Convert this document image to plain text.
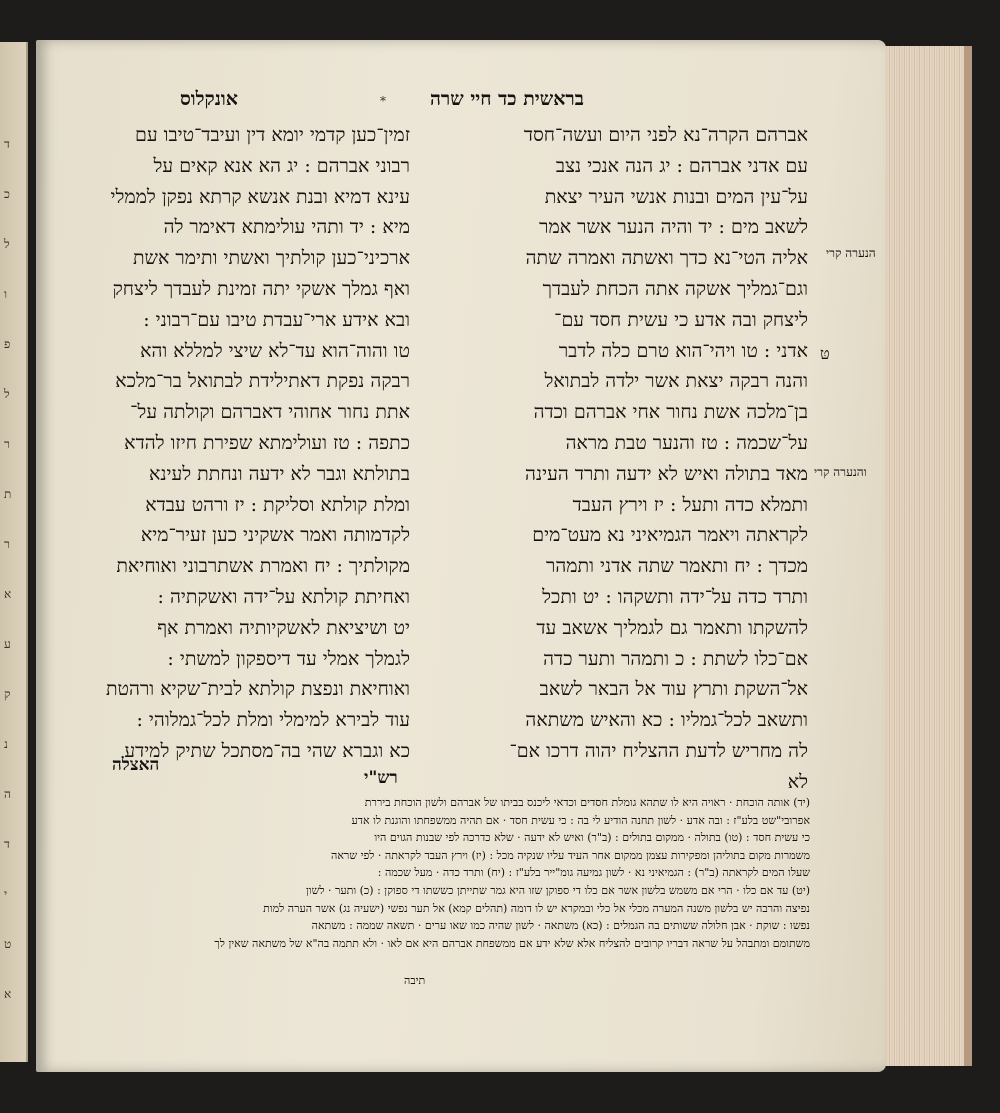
ד
כ
ל
ו
פ
ל
ר
ת
ר
א
ע
ק
נ
ה
ד
י
ט
א
אונקלוס	* בראשית כד חיי שרה
זמין־כען קדמי יומא דין ועיבד־טיבו עם
רבוני אברהם : יג הא אנא קאים על
עינא דמיא ובנת אנשא קרתא נפקן לממלי
מיא : יד ותהי עולימתא דאימר לה
ארכיני־כען קולתיך ואשתי ותימר אשת
ואף גמלך אשקי יתה זמינת לעבדך ליצחק
ובא אידע ארי־עבדת טיבו עם־רבוני :
טו והוה־הוא עד־לא שיצי למללא והא
רבקה נפקת דאתילידת לבתואל בר־מלכא
אתת נחור אחוהי דאברהם וקולתה על־
כתפה : טז ועולימתא שפירת חיזו להדא
בתולתא וגבר לא ידעה ונחתת לעינא
ומלת קולתא וסליקת : יז ורהט עבדא
לקדמותה ואמר אשקיני כען זעיר־מיא
מקולתיך : יח ואמרת אשתרבוני ואוחיאת
ואחיתת קולתא על־ידה ואשקתיה :
יט ושיציאת לאשקיותיה ואמרת אף
לגמלך אמלי עד דיספקון למשתי :
ואוחיאת ונפצת קולתא לבית־שקיא ורהטת
עוד לבירא למימלי ומלת לכל־גמלוהי :
כא וגברא שהי בה־מסתכל שתיק למידע
אברהם הקרה־נא לפני היום ועשה־חסד
עם אדני אברהם : יג הנה אנכי נצב
על־עין המים ובנות אנשי העיר יצאת
לשאב מים : יד והיה הנער אשר אמר
אליה הטי־נא כדך ואשתה ואמרה שתה
וגם־גמליך אשקה אתה הכחת לעבדך
ליצחק ובה אדע כי עשית חסד עם־
אדני : טו ויהי־הוא טרם כלה לדבר
והנה רבקה יצאת אשר ילדה לבתואל
בן־מלכה אשת נחור אחי אברהם וכדה
על־שכמה : טז והנער טבת מראה
מאד בתולה ואיש לא ידעה ותרד העינה
ותמלא כדה ותעל : יז וירץ העבד
לקראתה ויאמר הגמיאיני נא מעט־מים
מכדך : יח ותאמר שתה אדני ותמהר
ותרד כדה על־ידה ותשקהו : יט ותכל
להשקתו ותאמר גם לגמליך אשאב עד
אם־כלו לשתת : כ ותמהר ותער כדה
אל־השקת ותרץ עוד אל הבאר לשאב
ותשאב לכל־גמליו : כא והאיש משתאה
לה מחריש לדעת ההצליח יהוה דרכו אם־
לא
הנערה קרי
טּ
והנערה קרי
האצלה
רש"י
(יד) אותה הוכחת · ראויה היא לו שתהא גומלת חסדים וכדאי ליכנס בביתו של אברהם ולשון הוכחת ביררת
אפרובי"שט בלע"ז : ובה אדע · לשון תחנה הודיע לי בה : כי עשית חסד · אם תהיה ממשפחתו והוגנת לו אדע
כי עשית חסד : (טו) בתולה · ממקום בתולים : (ב"ר) ואיש לא ידעה · שלא כדרכה לפי שבנות הגוים היו
משמרות מקום בתוליהן ומפקירות עצמן ממקום אחר העיד עליו שנקיה מכל : (יז) וירץ העבד לקראתה · לפי שראה
שעלו המים לקראתה (ב"ר) : הגמיאיני נא · לשון גמיעה גומ"ייר בלע"ז : (יח) ותרד כדה · מעל שכמה :
(יט) עד אם כלו · הרי אם משמש בלשון אשר אם כלו די ספוקן שזו היא גמר שתייתן כששתו די ספוקן : (כ) ותער · לשון
נפיצה והרבה יש בלשון משנה המערה מכלי אל כלי ובמקרא יש לו דומה (תהלים קמא) אל תער נפשי (ישעיה נג) אשר הערה למות
נפשו : שוקת · אבן חלולה ששותים בה הגמלים : (כא) משתאה · לשון שהיה כמו שאו ערים · תשאה שממה : משתאה
משתומם ומתבהל על שראה דבריו קרובים להצליח אלא שלא ידע אם ממשפחת אברהם היא אם לאו · ולא תתמה בה"א של משתאה שאין לך
תיבה
